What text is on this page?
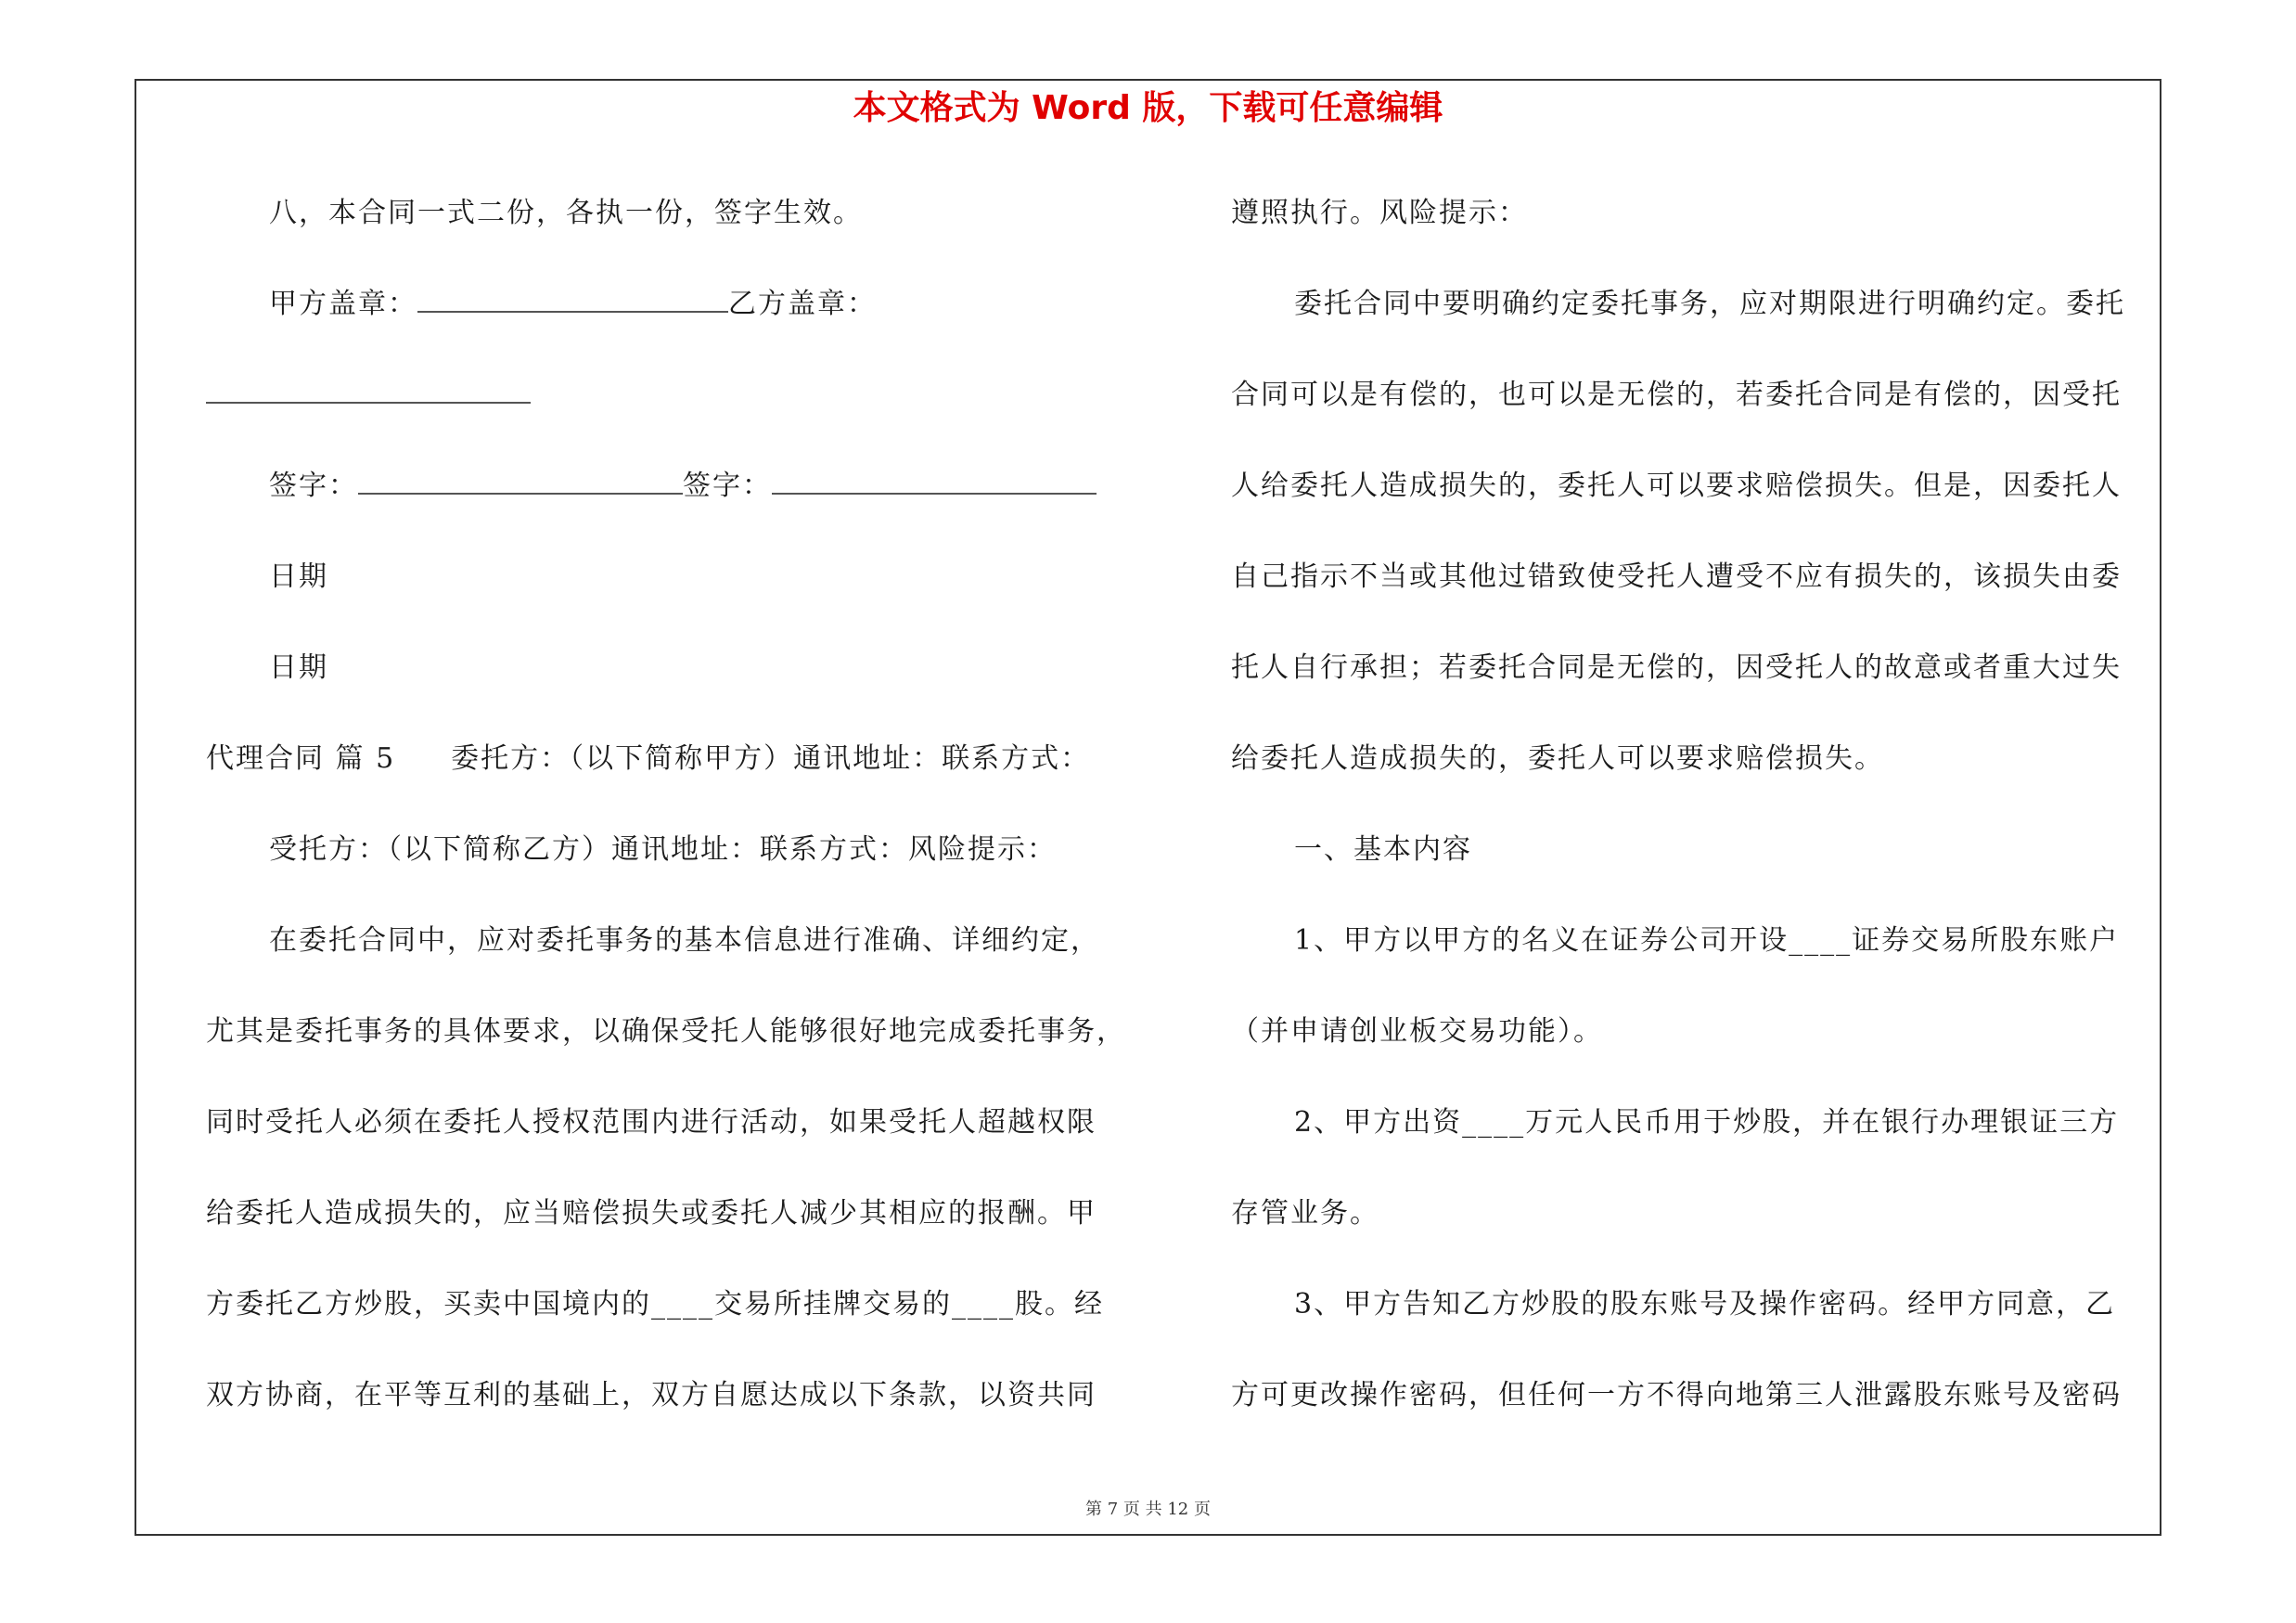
本文格式为 Word 版，下载可任意编辑
八，本合同一式二份，各执一份，签字生效。
甲方盖章：	乙方盖章：
签字：	签字：
日期
日期
代理合同 篇 5 委托方：（以下简称甲方）通讯地址：联系方式：
受托方：（以下简称乙方）通讯地址：联系方式：风险提示：
在委托合同中，应对委托事务的基本信息进行准确、详细约定，
尤其是委托事务的具体要求，以确保受托人能够很好地完成委托事务，
同时受托人必须在委托人授权范围内进行活动，如果受托人超越权限
给委托人造成损失的，应当赔偿损失或委托人减少其相应的报酬。甲
方委托乙方炒股，买卖中国境内的____交易所挂牌交易的____股。经
双方协商，在平等互利的基础上，双方自愿达成以下条款，以资共同
遵照执行。风险提示：
委托合同中要明确约定委托事务，应对期限进行明确约定。委托
合同可以是有偿的，也可以是无偿的，若委托合同是有偿的，因受托
人给委托人造成损失的，委托人可以要求赔偿损失。但是，因委托人
自己指示不当或其他过错致使受托人遭受不应有损失的，该损失由委
托人自行承担；若委托合同是无偿的，因受托人的故意或者重大过失
给委托人造成损失的，委托人可以要求赔偿损失。
一、基本内容
1、甲方以甲方的名义在证券公司开设____证券交易所股东账户
（并申请创业板交易功能）。
2、甲方出资____万元人民币用于炒股，并在银行办理银证三方
存管业务。
3、甲方告知乙方炒股的股东账号及操作密码。经甲方同意，乙
方可更改操作密码，但任何一方不得向地第三人泄露股东账号及密码
第 7 页 共 12 页
